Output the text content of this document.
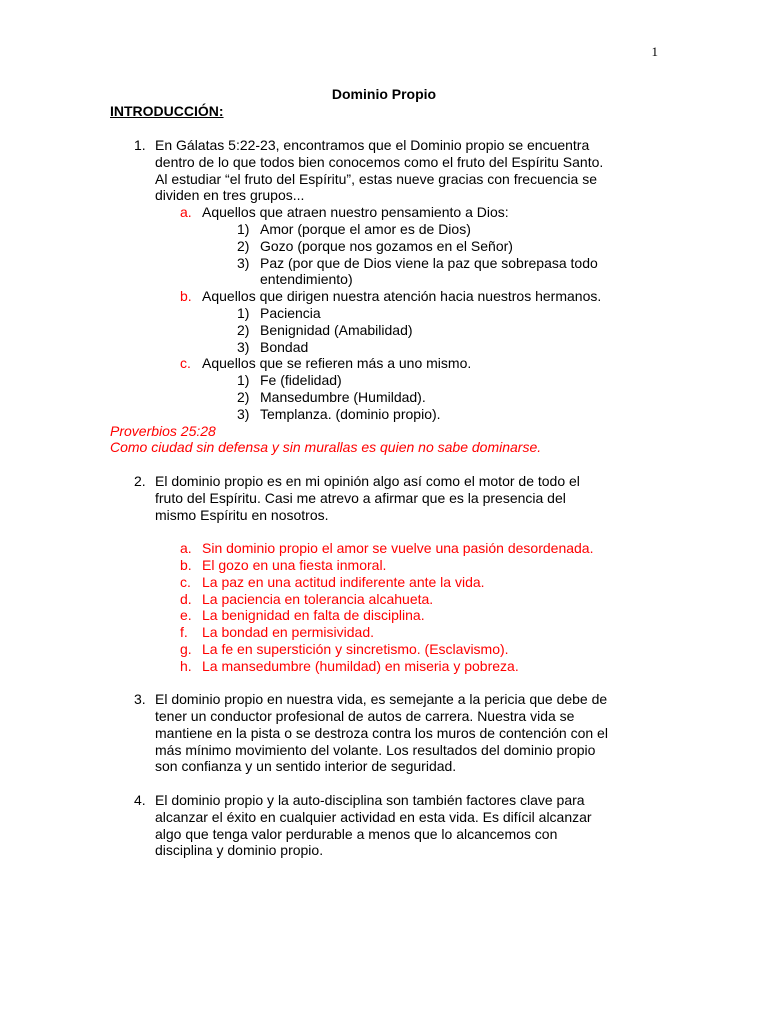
1
Dominio Propio
INTRODUCCIÓN:
1. En Gálatas 5:22-23, encontramos que el Dominio propio se encuentra
dentro de lo que todos bien conocemos como el fruto del Espíritu Santo.
Al estudiar “el fruto del Espíritu”, estas nueve gracias con frecuencia se
dividen en tres grupos...
a. Aquellos que atraen nuestro pensamiento a Dios:
1) Amor (porque el amor es de Dios)
2) Gozo (porque nos gozamos en el Señor)
3) Paz (por que de Dios viene la paz que sobrepasa todo
entendimiento)
b. Aquellos que dirigen nuestra atención hacia nuestros hermanos.
1) Paciencia
2) Benignidad (Amabilidad)
3) Bondad
c. Aquellos que se refieren más a uno mismo.
1) Fe (fidelidad)
2) Mansedumbre (Humildad).
3) Templanza. (dominio propio).
Proverbios 25:28
Como ciudad sin defensa y sin murallas es quien no sabe dominarse.
2. El dominio propio es en mi opinión algo así como el motor de todo el
fruto del Espíritu. Casi me atrevo a afirmar que es la presencia del
mismo Espíritu en nosotros.
a. Sin dominio propio el amor se vuelve una pasión desordenada.
b. El gozo en una fiesta inmoral.
c. La paz en una actitud indiferente ante la vida.
d. La paciencia en tolerancia alcahueta.
e. La benignidad en falta de disciplina.
f. La bondad en permisividad.
g. La fe en superstición y sincretismo. (Esclavismo).
h. La mansedumbre (humildad) en miseria y pobreza.
3. El dominio propio en nuestra vida, es semejante a la pericia que debe de
tener un conductor profesional de autos de carrera. Nuestra vida se
mantiene en la pista o se destroza contra los muros de contención con el
más mínimo movimiento del volante. Los resultados del dominio propio
son confianza y un sentido interior de seguridad.
4. El dominio propio y la auto-disciplina son también factores clave para
alcanzar el éxito en cualquier actividad en esta vida. Es difícil alcanzar
algo que tenga valor perdurable a menos que lo alcancemos con
disciplina y dominio propio.
